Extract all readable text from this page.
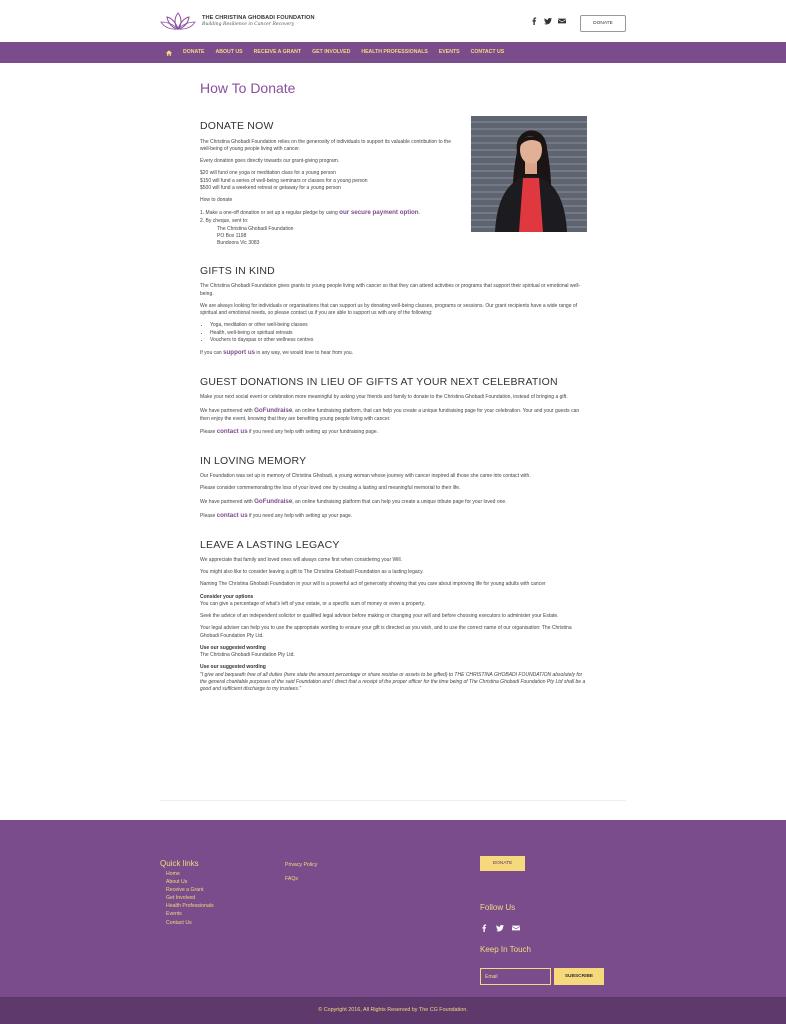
THE CHRISTINA GHOBADI FOUNDATION
Building Resilience in Cancer Recovery	DONATE
DONATE ABOUT US RECEIVE A GRANT GET INVOLVED HEALTH PROFESSIONALS EVENTS CONTACT US
How To Donate
DONATE NOW

The Christina Ghobadi Foundation relies on the generosity of individuals to support its valuable contribution to the well-being of young people living with cancer.

Every donation goes directly towards our grant-giving program.

$20 will fund one yoga or meditation class for a young person
$150 will fund a series of well-being seminars or classes for a young person
$500 will fund a weekend retreat or getaway for a young person

How to donate

1. Make a one-off donation or set up a regular pledge by using our secure payment option.
2. By cheque, sent to:
The Christina Ghobadi Foundation
PO Box 1198
Bundoora Vic 3083

GIFTS IN KIND

The Christina Ghobadi Foundation gives grants to young people living with cancer so that they can attend activities or programs that support their spiritual or emotional well-being.

We are always looking for individuals or organisations that can support us by donating well-being classes, programs or sessions. Our grant recipients have a wide range of spiritual and emotional needs, so please contact us if you are able to support us with any of the following:

• Yoga, meditation or other well-being classes
• Health, well-being or spiritual retreats
• Vouchers to dayspas or other wellness centres

If you can support us in any way, we would love to hear from you.

GUEST DONATIONS IN LIEU OF GIFTS AT YOUR NEXT CELEBRATION

Make your next social event or celebration more meaningful by asking your friends and family to donate to the Christina Ghobadi Foundation, instead of bringing a gift.

We have partnered with GoFundraise, an online fundraising platform, that can help you create a unique fundraising page for your celebration. Your and your guests can then enjoy the event, knowing that they are benefiting young people living with cancer.

Please contact us if you need any help with setting up your fundraising page.

IN LOVING MEMORY

Our Foundation was set up in memory of Christina Ghobadi, a young woman whose journey with cancer inspired all those she came into contact with.

Please consider commemorating the loss of your loved one by creating a lasting and meaningful memorial to their life.

We have partnered with GoFundraise, an online fundraising platform that can help you create a unique tribute page for your loved one.

Please contact us if you need any help with setting up your page.

LEAVE A LASTING LEGACY

We appreciate that family and loved ones will always come first when considering your Will.

You might also like to consider leaving a gift to The Christina Ghobadi Foundation as a lasting legacy.

Naming The Christina Ghobadi Foundation in your will is a powerful act of generosity showing that you care about improving life for young adults with cancer

Consider your options
You can give a percentage of what's left of your estate, or a specific sum of money or even a property.

Seek the advice of an independent solicitor or qualified legal advisor before making or changing your will and before choosing executors to administer your Estate.

Your legal adviser can help you to use the appropriate wording to ensure your gift is directed as you wish, and to use the correct name of our organisation: The Christina Ghobadi Foundation Pty Ltd.

Use our suggested wording
The Christina Ghobadi Foundation Pty Ltd.

Use our suggested wording
"I give and bequeath free of all duties (here state the amount percentage or share residue or assets to be gifted) to THE CHRISTINA GHOBADI FOUNDATION absolutely for the general charitable purposes of the said Foundation and I direct that a receipt of the proper officer for the time being of The Christina Ghobadi Foundation Pty Ltd shall be a good and sufficient discharge to my trustees."

Quick links
Home
About Us
Receive a Grant
Get Involved
Health Professionals
Events
Contact Us
Privacy Policy
FAQs
DONATE
Follow Us
Keep In Touch
Email
SUBSCRIBE
© Copyright 2016, All Rights Reserved by The CG Foundation.
